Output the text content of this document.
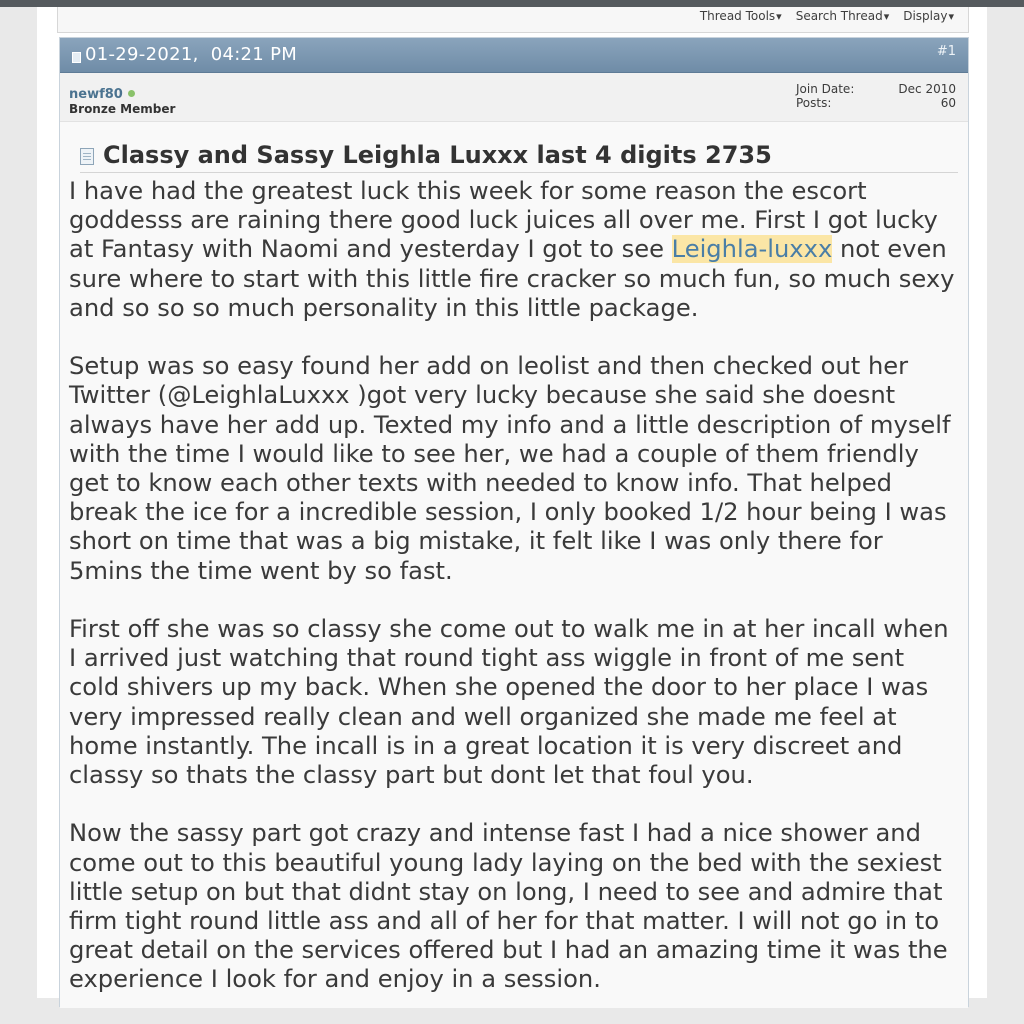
Thread Tools ▾	Search Thread ▾	Display ▾
01-29-2021, 04:21 PM	#1
newf80
Bronze Member
Join Date:	Dec 2010
Posts:	60
Classy and Sassy Leighla Luxxx last 4 digits 2735

I have had the greatest luck this week for some reason the escort goddesss are raining there good luck juices all over me. First I got lucky at Fantasy with Naomi and yesterday I got to see Leighla-luxxx not even sure where to start with this little fire cracker so much fun, so much sexy and so so so much personality in this little package.

Setup was so easy found her add on leolist and then checked out her Twitter (@LeighlaLuxxx )got very lucky because she said she doesnt always have her add up. Texted my info and a little description of myself with the time I would like to see her, we had a couple of them friendly get to know each other texts with needed to know info. That helped break the ice for a incredible session, I only booked 1/2 hour being I was short on time that was a big mistake, it felt like I was only there for 5mins the time went by so fast.

First off she was so classy she come out to walk me in at her incall when I arrived just watching that round tight ass wiggle in front of me sent cold shivers up my back. When she opened the door to her place I was very impressed really clean and well organized she made me feel at home instantly. The incall is in a great location it is very discreet and classy so thats the classy part but dont let that foul you.

Now the sassy part got crazy and intense fast I had a nice shower and come out to this beautiful young lady laying on the bed with the sexiest little setup on but that didnt stay on long, I need to see and admire that firm tight round little ass and all of her for that matter. I will not go in to great detail on the services offered but I had an amazing time it was the experience I look for and enjoy in a session.
